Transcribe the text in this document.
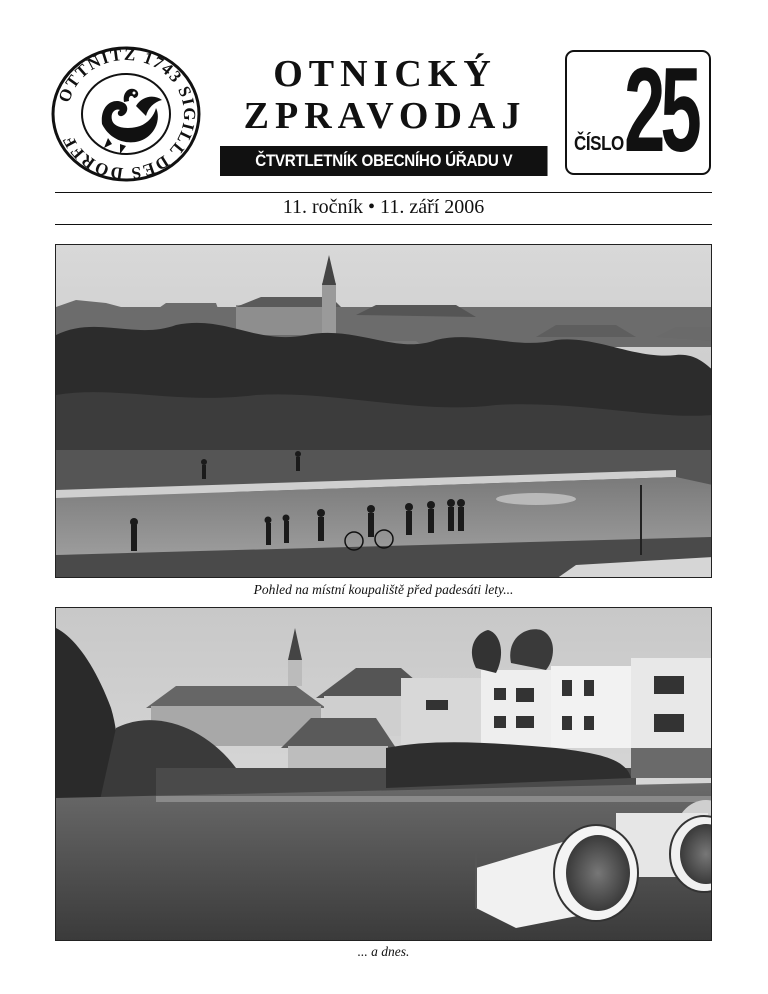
OTTNITZ 1743 SIGILL DES DORFF
OTNICKÝ
ZPRAVODAJ
ČTVRTLETNÍK OBECNÍHO ÚŘADU V OTNICÍCH
ČÍSLO 25
11. ročník • 11. září 2006
Pohled na místní koupaliště před padesáti lety...
... a dnes.
